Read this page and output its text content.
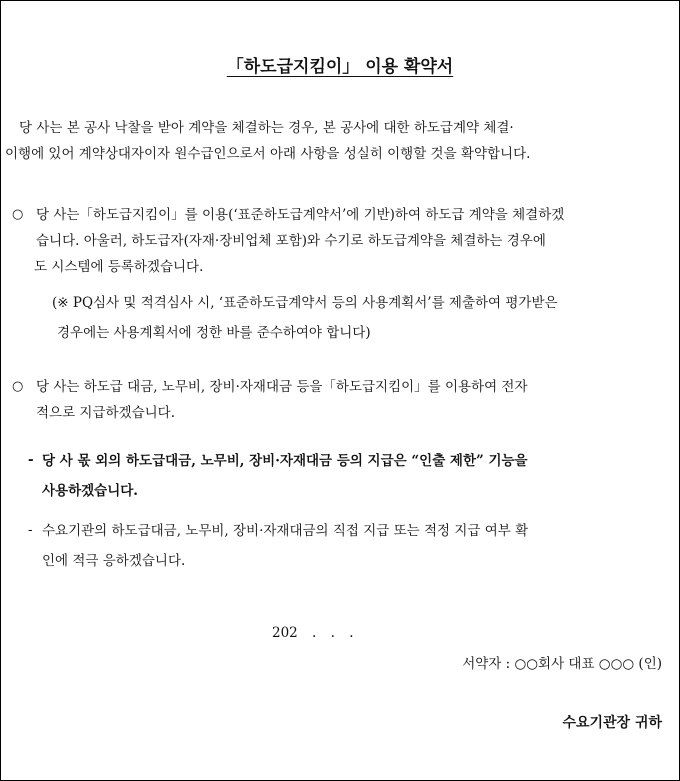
「하도급지킴이」 이용 확약서
당 사는 본 공사 낙찰을 받아 계약을 체결하는 경우, 본 공사에 대한 하도급계약 체결·
이행에 있어 계약상대자이자 원수급인으로서 아래 사항을 성실히 이행할 것을 확약합니다.
○ 당 사는「하도급지킴이」를 이용(‘표준하도급계약서’에 기반)하여 하도급 계약을 체결하겠
습니다. 아울러, 하도급자(자재·장비업체 포함)와 수기로 하도급계약을 체결하는 경우에
도 시스템에 등록하겠습니다.
(※ PQ심사 및 적격심사 시, ‘표준하도급계약서 등의 사용계획서’를 제출하여 평가받은
경우에는 사용계획서에 정한 바를 준수하여야 합니다)
○ 당 사는 하도급 대금, 노무비, 장비·자재대금 등을「하도급지킴이」를 이용하여 전자
적으로 지급하겠습니다.
- 당 사 몫 외의 하도급대금, 노무비, 장비·자재대금 등의 지급은 “인출 제한” 기능을
사용하겠습니다.
- 수요기관의 하도급대금, 노무비, 장비·자재대금의 직접 지급 또는 적정 지급 여부 확
인에 적극 응하겠습니다.
202 . . .
서약자 : ○○회사 대표 ○○○ (인)
수요기관장 귀하
